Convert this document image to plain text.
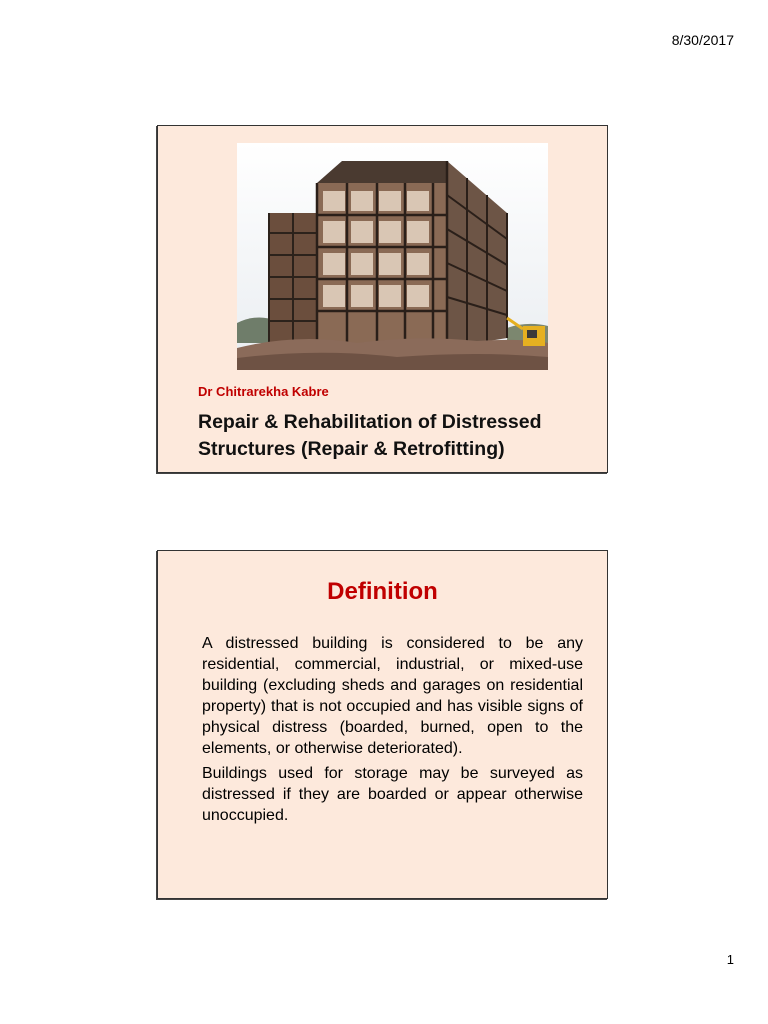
8/30/2017
Dr Chitrarekha Kabre
Repair & Rehabilitation of Distressed Structures (Repair & Retrofitting)
Definition

A distressed building is considered to be any residential, commercial, industrial, or mixed-use building (excluding sheds and garages on residential property) that is not occupied and has visible signs of physical distress (boarded, burned, open to the elements, or otherwise deteriorated).

Buildings used for storage may be surveyed as distressed if they are boarded or appear otherwise unoccupied.

1
